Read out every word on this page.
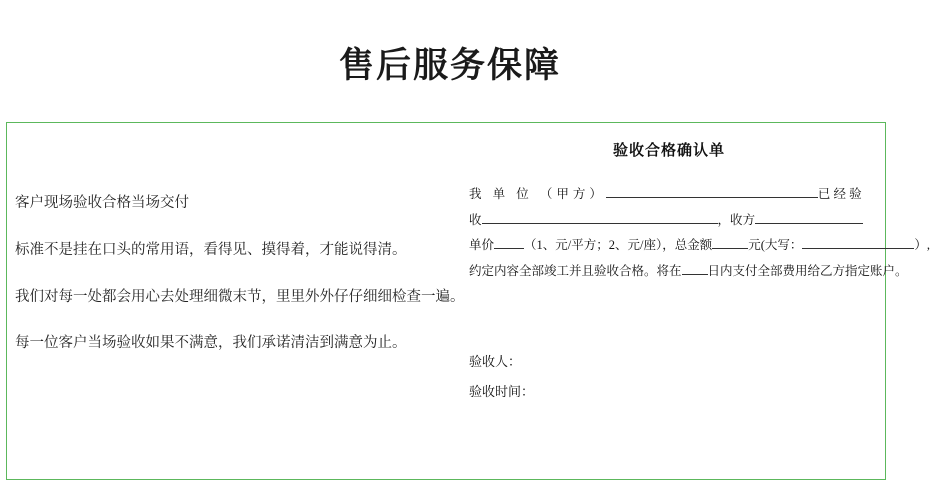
售后服务保障
客户现场验收合格当场交付
标准不是挂在口头的常用语，看得见、摸得着，才能说得清。
我们对每一处都会用心去处理细微末节，里里外外仔仔细细检查一遍。
每一位客户当场验收如果不满意，我们承诺清洁到满意为止。
验收合格确认单
我 单 位 （甲方）	已 经 验
收	，收方
单价 （1、元/平方；2、元/座），总金额	元(大写：	）,
约定内容全部竣工并且验收合格。将在 日内支付全部费用给乙方指定账户。
验收人：
验收时间：
